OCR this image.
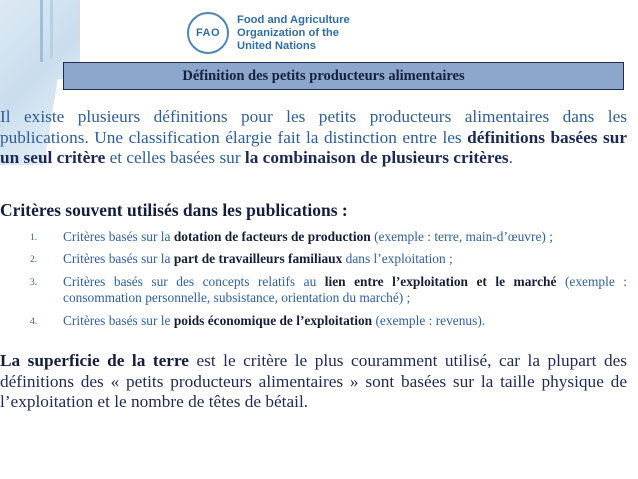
FAO
Food and Agriculture
Organization of the
United Nations
Définition des petits producteurs alimentaires

Il existe plusieurs définitions pour les petits producteurs alimentaires dans les publications. Une classification élargie fait la distinction entre les définitions basées sur un seul critère et celles basées sur la combinaison de plusieurs critères.

Critères souvent utilisés dans les publications :

1. Critères basés sur la dotation de facteurs de production (exemple : terre, main-d’œuvre) ;
2. Critères basés sur la part de travailleurs familiaux dans l’exploitation ;
3. Critères basés sur des concepts relatifs au lien entre l’exploitation et le marché (exemple : consommation personnelle, subsistance, orientation du marché) ;
4. Critères basés sur le poids économique de l’exploitation (exemple : revenus).

La superficie de la terre est le critère le plus couramment utilisé, car la plupart des définitions des « petits producteurs alimentaires » sont basées sur la taille physique de l’exploitation et le nombre de têtes de bétail.
